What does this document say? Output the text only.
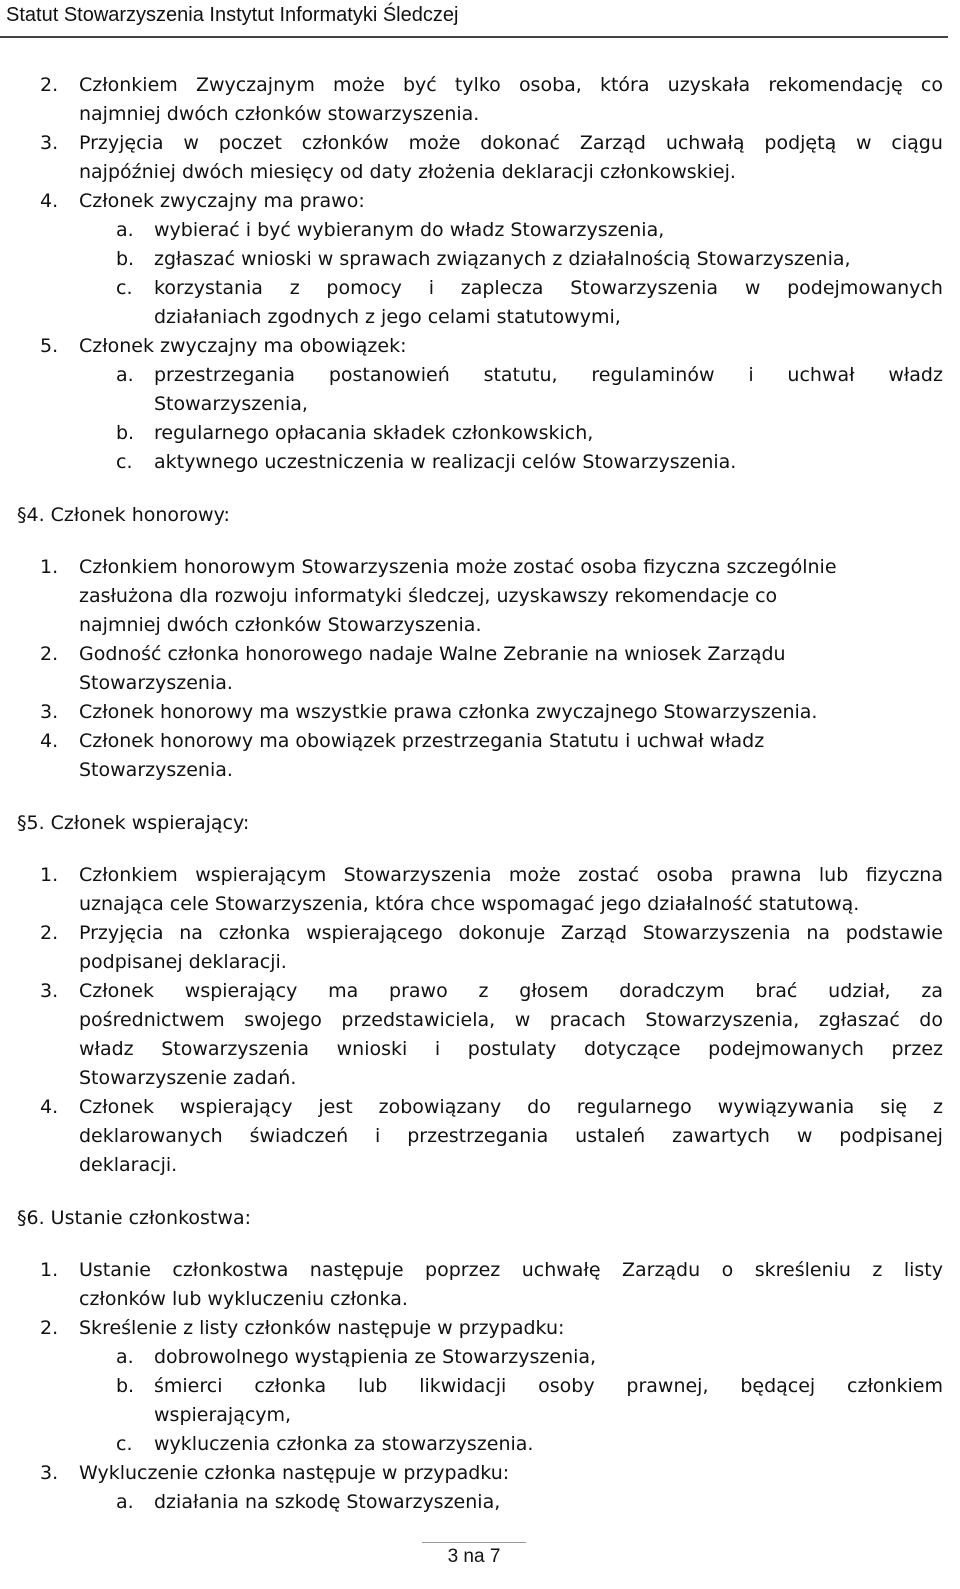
Statut Stowarzyszenia Instytut Informatyki Śledczej
2. Członkiem Zwyczajnym może być tylko osoba, która uzyskała rekomendację co
najmniej dwóch członków stowarzyszenia.
3. Przyjęcia w poczet członków może dokonać Zarząd uchwałą podjętą w ciągu
najpóźniej dwóch miesięcy od daty złożenia deklaracji członkowskiej.
4. Członek zwyczajny ma prawo:
a. wybierać i być wybieranym do władz Stowarzyszenia,
b. zgłaszać wnioski w sprawach związanych z działalnością Stowarzyszenia,
c. korzystania z pomocy i zaplecza Stowarzyszenia w podejmowanych
działaniach zgodnych z jego celami statutowymi,
5. Członek zwyczajny ma obowiązek:
a. przestrzegania postanowień statutu, regulaminów i uchwał władz
Stowarzyszenia,
b. regularnego opłacania składek członkowskich,
c. aktywnego uczestniczenia w realizacji celów Stowarzyszenia.
§4. Członek honorowy:
1. Członkiem honorowym Stowarzyszenia może zostać osoba fizyczna szczególnie
zasłużona dla rozwoju informatyki śledczej, uzyskawszy rekomendacje co
najmniej dwóch członków Stowarzyszenia.
2. Godność członka honorowego nadaje Walne Zebranie na wniosek Zarządu
Stowarzyszenia.
3. Członek honorowy ma wszystkie prawa członka zwyczajnego Stowarzyszenia.
4. Członek honorowy ma obowiązek przestrzegania Statutu i uchwał władz
Stowarzyszenia.
§5. Członek wspierający:
1. Członkiem wspierającym Stowarzyszenia może zostać osoba prawna lub fizyczna
uznająca cele Stowarzyszenia, która chce wspomagać jego działalność statutową.
2. Przyjęcia na członka wspierającego dokonuje Zarząd Stowarzyszenia na podstawie
podpisanej deklaracji.
3. Członek wspierający ma prawo z głosem doradczym brać udział, za
pośrednictwem swojego przedstawiciela, w pracach Stowarzyszenia, zgłaszać do
władz Stowarzyszenia wnioski i postulaty dotyczące podejmowanych przez
Stowarzyszenie zadań.
4. Członek wspierający jest zobowiązany do regularnego wywiązywania się z
deklarowanych świadczeń i przestrzegania ustaleń zawartych w podpisanej
deklaracji.
§6. Ustanie członkostwa:
1. Ustanie członkostwa następuje poprzez uchwałę Zarządu o skreśleniu z listy
członków lub wykluczeniu członka.
2. Skreślenie z listy członków następuje w przypadku:
a. dobrowolnego wystąpienia ze Stowarzyszenia,
b. śmierci członka lub likwidacji osoby prawnej, będącej członkiem
wspierającym,
c. wykluczenia członka za stowarzyszenia.
3. Wykluczenie członka następuje w przypadku:
a. działania na szkodę Stowarzyszenia,
3 na 7
